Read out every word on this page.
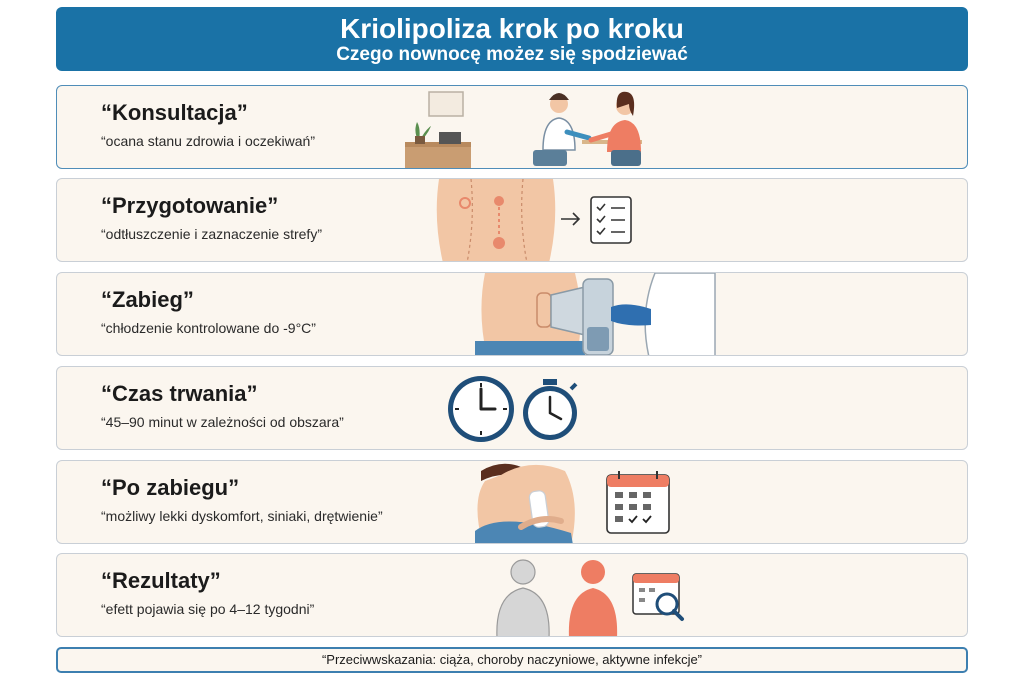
Kriolipoliza krok po kroku
Czego nownocę możez się spodziewać
“Konsultacja”
“ocana stanu zdrowia i oczekiwań”
“Przygotowanie”
“odtłuszczenie i zaznaczenie strefy”
“Zabieg”
“chłodzenie kontrolowane do -9°C”
“Czas trwania”
“45–90 minut w zależności od obszara”
“Po zabiegu”
“możliwy lekki dyskomfort, siniaki, drętwienie”
“Rezultaty”
“efett pojawia się po 4–12 tygodni”
“Przeciwwskazania: ciąża, choroby naczyniowe, aktywne infekcje”
